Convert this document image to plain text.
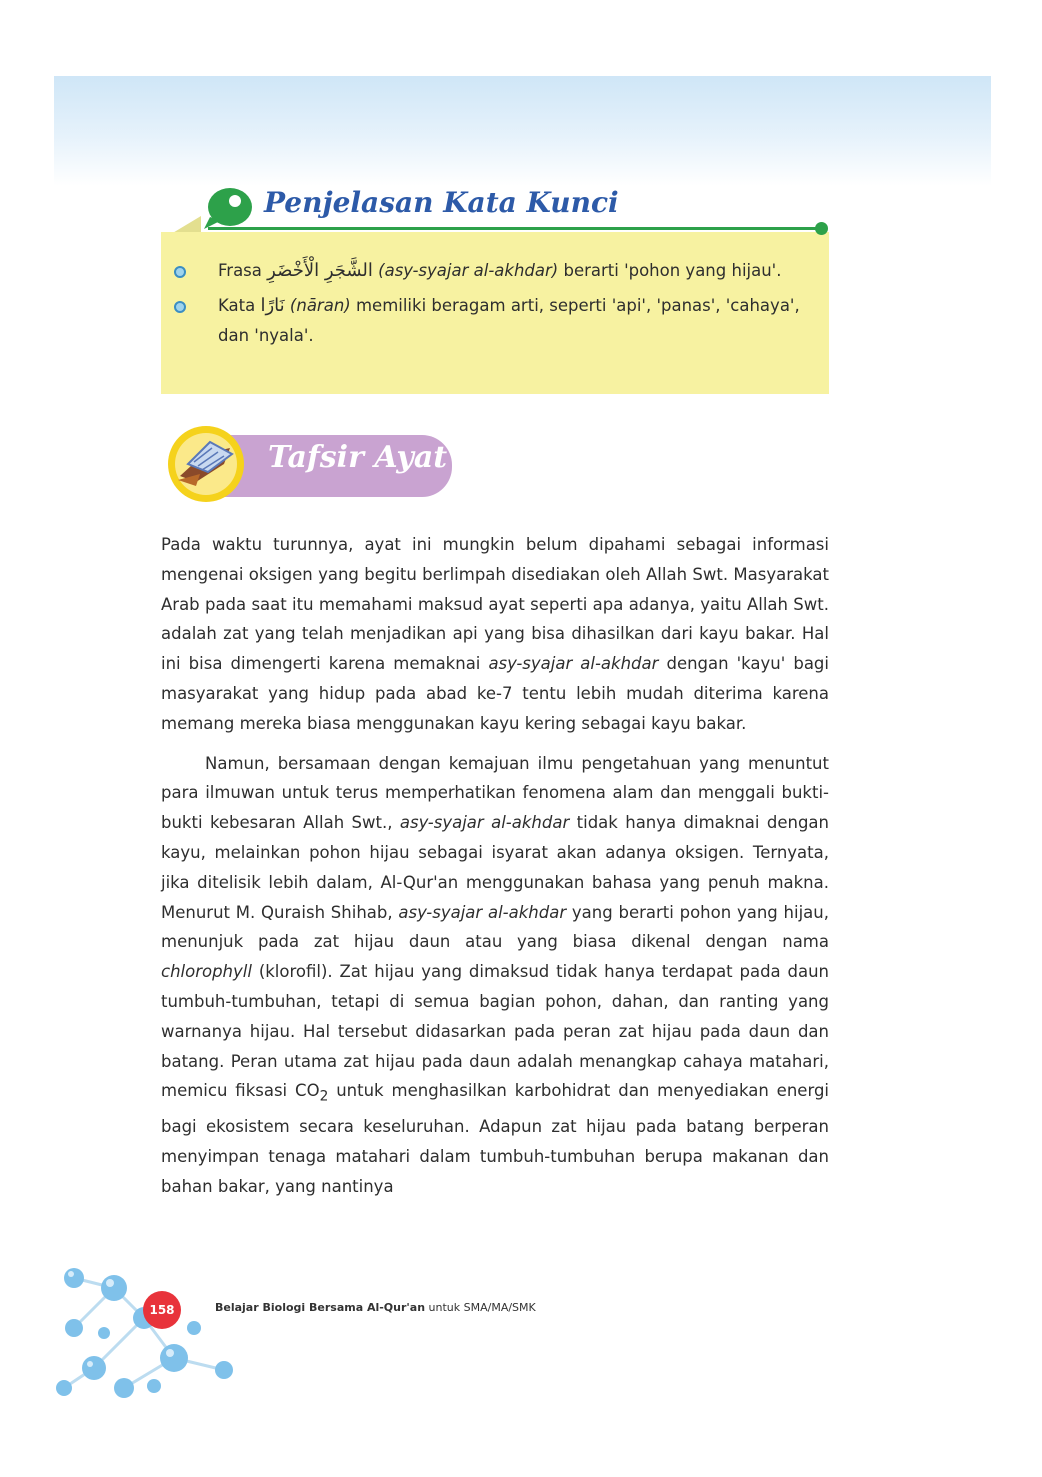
Penjelasan Kata Kunci
Frasa الشَّجَرِ الْأَخْضَرِ (asy-syajar al-akhdar) berarti 'pohon yang hijau'.
Kata نَارًا (nāran) memiliki beragam arti, seperti 'api', 'panas', 'cahaya', dan 'nyala'.
Tafsir Ayat

Pada waktu turunnya, ayat ini mungkin belum dipahami sebagai informasi mengenai oksigen yang begitu berlimpah disediakan oleh Allah Swt. Masyarakat Arab pada saat itu memahami maksud ayat seperti apa adanya, yaitu Allah Swt. adalah zat yang telah menjadikan api yang bisa dihasilkan dari kayu bakar. Hal ini bisa dimengerti karena memaknai asy-syajar al-akhdar dengan 'kayu' bagi masyarakat yang hidup pada abad ke-7 tentu lebih mudah diterima karena memang mereka biasa menggunakan kayu kering sebagai kayu bakar.

Namun, bersamaan dengan kemajuan ilmu pengetahuan yang menuntut para ilmuwan untuk terus memperhatikan fenomena alam dan menggali bukti-bukti kebesaran Allah Swt., asy-syajar al-akhdar tidak hanya dimaknai dengan kayu, melainkan pohon hijau sebagai isyarat akan adanya oksigen. Ternyata, jika ditelisik lebih dalam, Al-Qur'an menggunakan bahasa yang penuh makna. Menurut M. Quraish Shihab, asy-syajar al-akhdar yang berarti pohon yang hijau, menunjuk pada zat hijau daun atau yang biasa dikenal dengan nama chlorophyll (klorofil). Zat hijau yang dimaksud tidak hanya terdapat pada daun tumbuh-tumbuhan, tetapi di semua bagian pohon, dahan, dan ranting yang warnanya hijau. Hal tersebut didasarkan pada peran zat hijau pada daun dan batang. Peran utama zat hijau pada daun adalah menangkap cahaya matahari, memicu fiksasi $CO_2$ untuk menghasilkan karbohidrat dan menyediakan energi bagi ekosistem secara keseluruhan. Adapun zat hijau pada batang berperan menyimpan tenaga matahari dalam tumbuh-tumbuhan berupa makanan dan bahan bakar, yang nantinya

158	Belajar Biologi Bersama Al-Qur'an untuk SMA/MA/SMK
